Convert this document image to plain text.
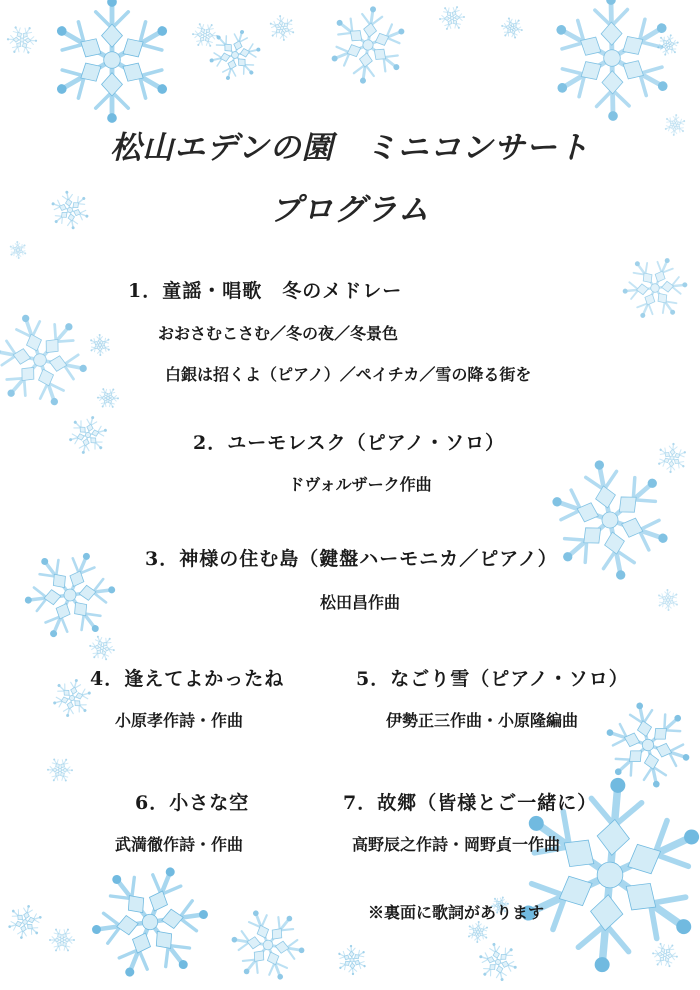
松山エデンの園　ミニコンサート
プログラム
1．童謡・唱歌　冬のメドレー
おおさむこさむ／冬の夜／冬景色
白銀は招くよ（ピアノ）／ペイチカ／雪の降る街を
2．ユーモレスク（ピアノ・ソロ）
ドヴォルザーク作曲
3．神様の住む島（鍵盤ハーモニカ／ピアノ）
松田昌作曲
4．逢えてよかったね
小原孝作詩・作曲
5．なごり雪（ピアノ・ソロ）
伊勢正三作曲・小原隆編曲
6．小さな空
武満徹作詩・作曲
7．故郷（皆様とご一緒に）
高野辰之作詩・岡野貞一作曲
※裏面に歌詞があります
